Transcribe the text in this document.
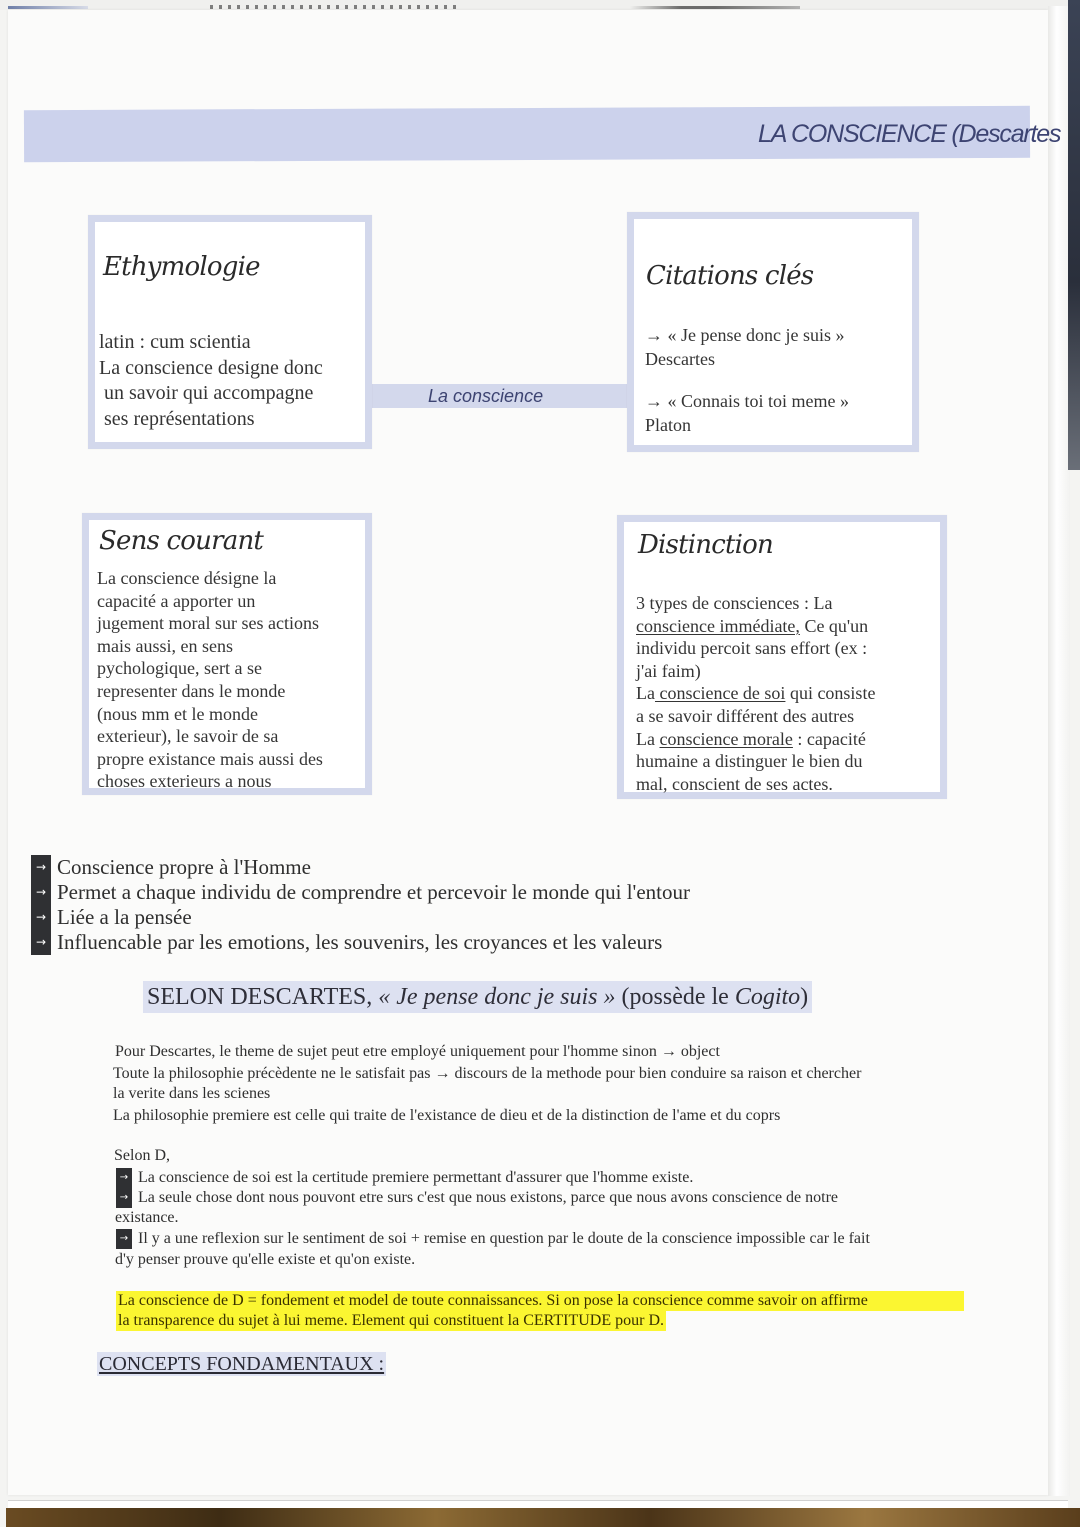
LA CONSCIENCE (Descartes
La conscience
Ethymologie
latin : cum scientia
La conscience designe donc
un savoir qui accompagne
ses représentations
Citations clés
→ « Je pense donc je suis »
Descartes
→ « Connais toi toi meme »
Platon
Sens courant
La conscience désigne la
capacité a apporter un
jugement moral sur ses actions
mais aussi, en sens
pychologique, sert a se
representer dans le monde
(nous mm et le monde
exterieur), le savoir de sa
propre existance mais aussi des
choses exterieurs a nous
Distinction
3 types de consciences : La
conscience immédiate, Ce qu'un
individu percoit sans effort (ex :
j'ai faim)
La conscience de soi qui consiste
a se savoir différent des autres
La conscience morale : capacité
humaine a distinguer le bien du
mal, conscient de ses actes.
→ Conscience propre à l'Homme
→ Permet a chaque individu de comprendre et percevoir le monde qui l'entour
→ Liée a la pensée
→ Influencable par les emotions, les souvenirs, les croyances et les valeurs
SELON DESCARTES, « Je pense donc je suis » (possède le Cogito)
Pour Descartes, le theme de sujet peut etre employé uniquement pour l'homme sinon → object
Toute la philosophie précèdente ne le satisfait pas → discours de la methode pour bien conduire sa raison et chercher
la verite dans les scienes
La philosophie premiere est celle qui traite de l'existance de dieu et de la distinction de l'ame et du coprs
Selon D,
→ La conscience de soi est la certitude premiere permettant d'assurer que l'homme existe.
→ La seule chose dont nous pouvont etre surs c'est que nous existons, parce que nous avons conscience de notre
existance.
→ Il y a une reflexion sur le sentiment de soi + remise en question par le doute de la conscience impossible car le fait
d'y penser prouve qu'elle existe et qu'on existe.
La conscience de D = fondement et model de toute connaissances. Si on pose la conscience comme savoir on affirme
la transparence du sujet à lui meme. Element qui constituent la CERTITUDE pour D.
CONCEPTS FONDAMENTAUX :
